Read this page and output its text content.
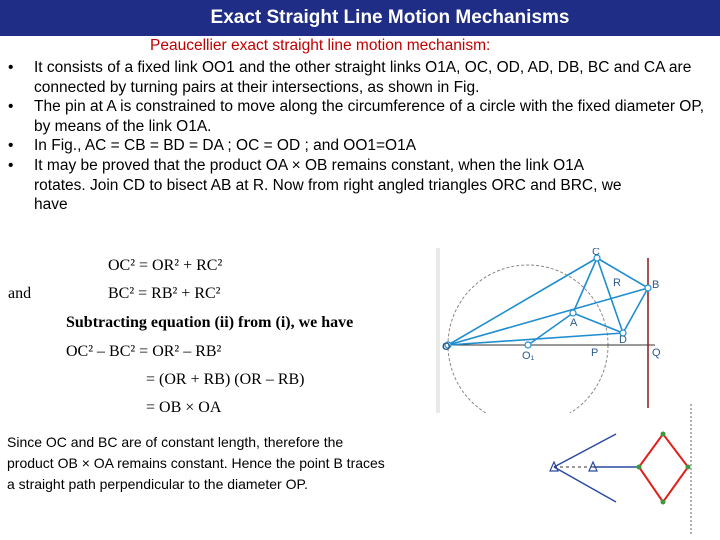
Exact Straight Line Motion Mechanisms
Peaucellier exact straight line motion mechanism:
• It consists of a fixed link OO1 and the other straight links O1A, OC, OD, AD, DB, BC and CA are connected by turning pairs at their intersections, as shown in Fig.
• The pin at A is constrained to move along the circumference of a circle with the fixed diameter OP, by means of the link O1A.
• In Fig., AC = CB = BD = DA ; OC = OD ; and OO1=O1A
• It may be proved that the product OA × OB remains constant, when the link O1A rotates. Join CD to bisect AB at R. Now from right angled triangles ORC and BRC, we have
and
OC² = OR² + RC²
BC² = RB² + RC²
Subtracting equation (ii) from (i), we have
OC² – BC² = OR² – RB²
= (OR + RB) (OR – RB)
= OB × OA
Since OC and BC are of constant length, therefore the product OB × OA remains constant. Hence the point B traces a straight path perpendicular to the diameter OP.
C
R	B
A
O
O₁	P
D
Q
